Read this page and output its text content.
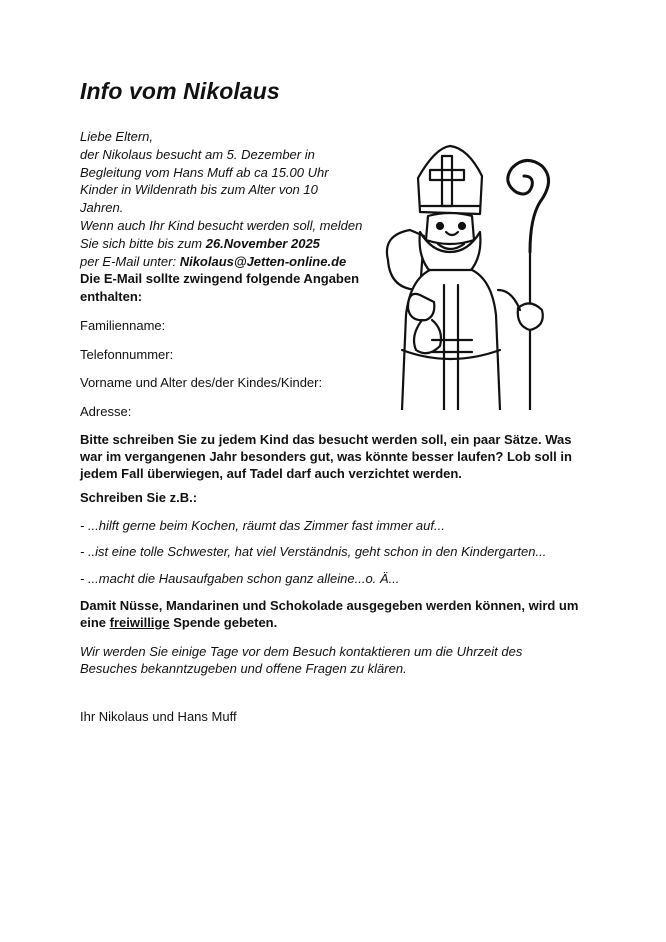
Info vom Nikolaus
Liebe Eltern,
der Nikolaus besucht am 5. Dezember in
Begleitung vom Hans Muff ab ca 15.00 Uhr
Kinder in Wildenrath bis zum Alter von 10
Jahren.
Wenn auch Ihr Kind besucht werden soll, melden
Sie sich bitte bis zum 26.November 2025
per E-Mail unter: Nikolaus@Jetten-online.de
Die E-Mail sollte zwingend folgende Angaben enthalten:
Familienname:
Telefonnummer:
Vorname und Alter des/der Kindes/Kinder:
Adresse:
Bitte schreiben Sie zu jedem Kind das besucht werden soll, ein paar Sätze. Was war im vergangenen Jahr besonders gut, was könnte besser laufen? Lob soll in jedem Fall überwiegen, auf Tadel darf auch verzichtet werden.
Schreiben Sie z.B.:
- ...hilft gerne beim Kochen, räumt das Zimmer fast immer auf...
- ..ist eine tolle Schwester, hat viel Verständnis, geht schon in den Kindergarten...
- ...macht die Hausaufgaben schon ganz alleine...o. Ä...
Damit Nüsse, Mandarinen und Schokolade ausgegeben werden können, wird um eine freiwillige Spende gebeten.
Wir werden Sie einige Tage vor dem Besuch kontaktieren um die Uhrzeit des Besuches bekanntzugeben und offene Fragen zu klären.
Ihr Nikolaus und Hans Muff
